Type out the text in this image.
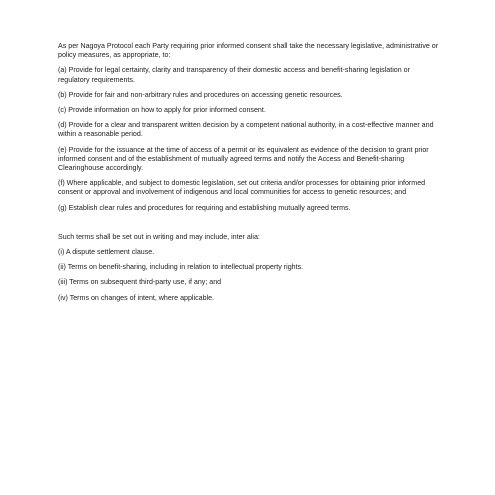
As per Nagoya Protocol each Party requiring prior informed consent shall take the necessary legislative, administrative or policy measures, as appropriate, to:

(a) Provide for legal certainty, clarity and transparency of their domestic access and benefit-sharing legislation or regulatory requirements.

(b) Provide for fair and non-arbitrary rules and procedures on accessing genetic resources.

(c) Provide information on how to apply for prior informed consent.

(d) Provide for a clear and transparent written decision by a competent national authority, in a cost-effective manner and within a reasonable period.

(e) Provide for the issuance at the time of access of a permit or its equivalent as evidence of the decision to grant prior informed consent and of the establishment of mutually agreed terms and notify the Access and Benefit-sharing Clearinghouse accordingly.

(f) Where applicable, and subject to domestic legislation, set out criteria and/or processes for obtaining prior informed consent or approval and involvement of indigenous and local communities for access to genetic resources; and

(g) Establish clear rules and procedures for requiring and establishing mutually agreed terms.

Such terms shall be set out in writing and may include, inter alia:

(i) A dispute settlement clause.

(ii) Terms on benefit-sharing, including in relation to intellectual property rights.

(iii) Terms on subsequent third-party use, if any; and

(iv) Terms on changes of intent, where applicable.
